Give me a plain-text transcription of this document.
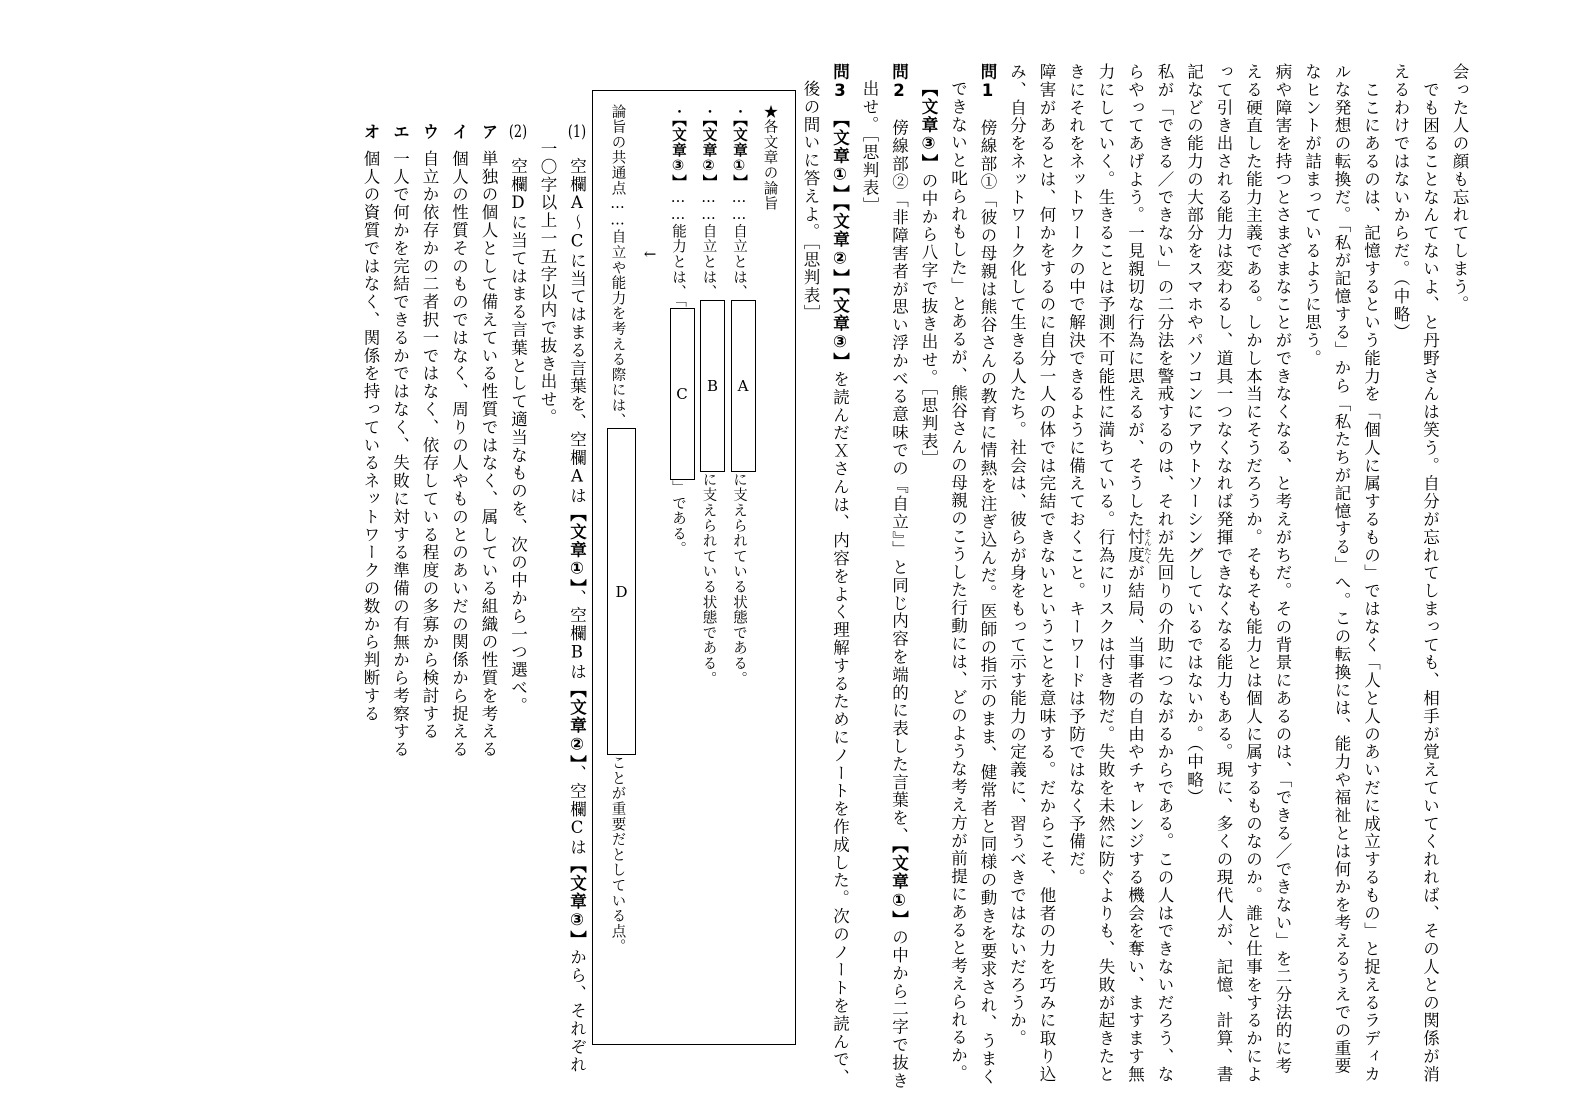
会った人の顔も忘れてしまう。

　でも困ることなんてないよ、と丹野さんは笑う。自分が忘れてしまっても、相手が覚えていてくれれば、その人との関係が消えるわけではないからだ。（中略）

　ここにあるのは、記憶するという能力を「個人に属するもの」ではなく「人と人のあいだに成立するもの」と捉えるラディカルな発想の転換だ。「私が記憶する」から「私たちが記憶する」へ。この転換には、能力や福祉とは何かを考えるうえでの重要なヒントが詰まっているように思う。

病や障害を持つとさまざまなことができなくなる、と考えがちだ。その背景にあるのは、「できる／できない」を二分法的に考える硬直した能力主義である。しかし本当にそうだろうか。そもそも能力とは個人に属するものなのか。誰と仕事をするかによって引き出される能力は変わるし、道具一つなくなれば発揮できなくなる能力もある。現に、多くの現代人が、記憶、計算、書記などの能力の大部分をスマホやパソコンにアウトソーシングしているではないか。（中略）

私が「できる／できない」の二分法を警戒するのは、それが先回りの介助につながるからである。この人はできないだろう、ならやってあげよう。一見親切な行為に思えるが、そうした忖度 そんたくが結局、当事者の自由やチャレンジする機会を奪い、ますます無力にしていく。生きることは予測不可能性に満ちている。行為にリスクは付き物だ。失敗を未然に防ぐよりも、失敗が起きたときにそれをネットワークの中で解決できるように備えておくこと。キーワードは予防ではなく予備だ。

障害があるとは、何かをするのに自分一人の体では完結できないということを意味する。だからこそ、他者の力を巧みに取り込み、自分をネットワーク化して生きる人たち。社会は、彼らが身をもって示す能力の定義に、習うべきではないだろうか。

問1　傍線部①「彼の母親は熊谷さんの教育に情熱を注ぎ込んだ。医師の指示のまま、健常者と同様の動きを要求され、うまくできないと叱られもした」とあるが、熊谷さんの母親のこうした行動には、どのような考え方が前提にあると考えられるか。【文章③】の中から八字で抜き出せ。［思判表］

問2　傍線部②「非障害者が思い浮かべる意味での『自立』」と同じ内容を端的に表した言葉を、【文章①】の中から二字で抜き出せ。［思判表］

問3　【文章①】【文章②】【文章③】を読んだＸさんは、内容をよく理解するためにノートを作成した。次のノートを読んで、後の問いに答えよ。［思判表］

★各文章の論旨

・【文章①】……自立とは、
A
に支えられている状態である。

・【文章②】……自立とは、
B
に支えられている状態である。

・【文章③】……能力とは、「
C
」である。

←

論旨の共通点……自立や能力を考える際には、
D
ことが重要だとしている点。

(1)　空欄A〜Cに当てはまる言葉を、空欄Aは【文章①】、空欄Bは【文章②】、空欄Cは【文章③】から、それぞれ一〇字以上一五字以内で抜き出せ。

(2)　空欄Dに当てはまる言葉として適当なものを、次の中から一つ選べ。

ア単独の個人として備えている性質ではなく、属している組織の性質を考える

イ個人の性質そのものではなく、周りの人やものとのあいだの関係から捉える

ウ自立か依存かの二者択一ではなく、依存している程度の多寡から検討する

エ一人で何かを完結できるかではなく、失敗に対する準備の有無から考察する

オ個人の資質ではなく、関係を持っているネットワークの数から判断する
